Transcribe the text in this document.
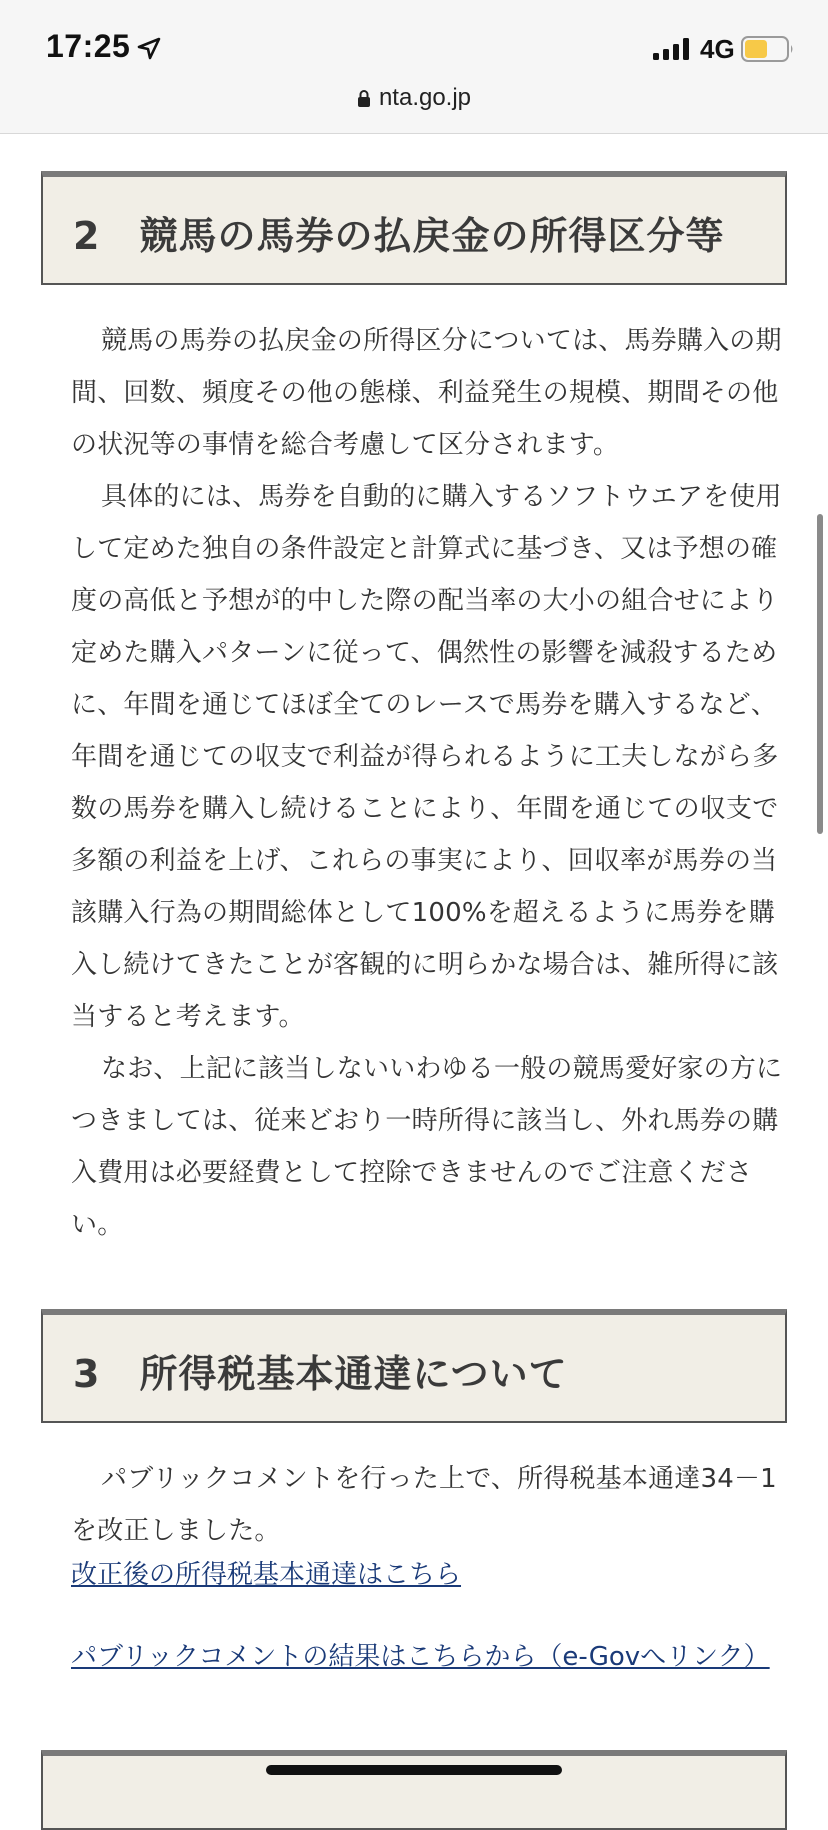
17:25	4G
nta.go.jp
2　競馬の馬券の払戻金の所得区分等
競馬の馬券の払戻金の所得区分については、馬券購入の期間、回数、頻度その他の態様、利益発生の規模、期間その他の状況等の事情を総合考慮して区分されます。
具体的には、馬券を自動的に購入するソフトウエアを使用して定めた独自の条件設定と計算式に基づき、又は予想の確度の高低と予想が的中した際の配当率の大小の組合せにより定めた購入パターンに従って、偶然性の影響を減殺するために、年間を通じてほぼ全てのレースで馬券を購入するなど、年間を通じての収支で利益が得られるように工夫しながら多数の馬券を購入し続けることにより、年間を通じての収支で多額の利益を上げ、これらの事実により、回収率が馬券の当該購入行為の期間総体として100%を超えるように馬券を購入し続けてきたことが客観的に明らかな場合は、雑所得に該当すると考えます。
なお、上記に該当しないいわゆる一般の競馬愛好家の方につきましては、従来どおり一時所得に該当し、外れ馬券の購入費用は必要経費として控除できませんのでご注意ください。
3　所得税基本通達について
パブリックコメントを行った上で、所得税基本通達34－1を改正しました。
改正後の所得税基本通達はこちら
パブリックコメントの結果はこちらから（e-Govへリンク）
